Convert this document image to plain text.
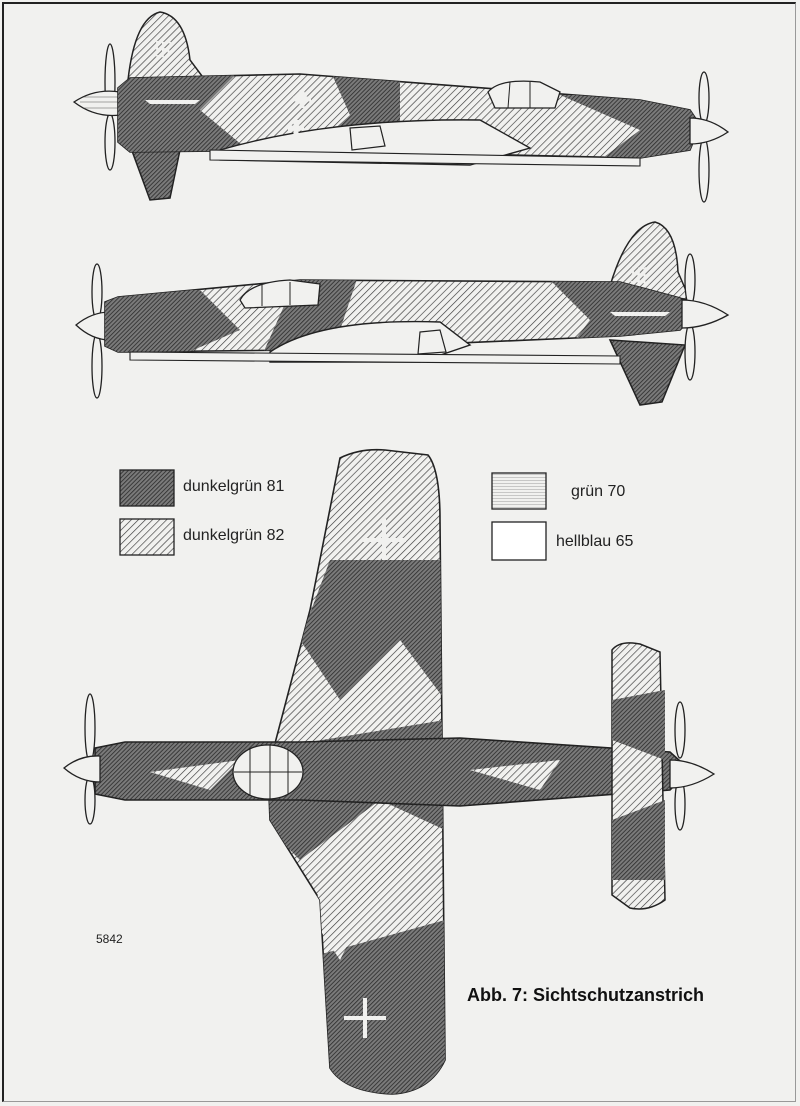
卐
卐
dunkelgrün 81
dunkelgrün 82
grün 70
hellblau 65
5842
Abb. 7: Sichtschutzanstrich
